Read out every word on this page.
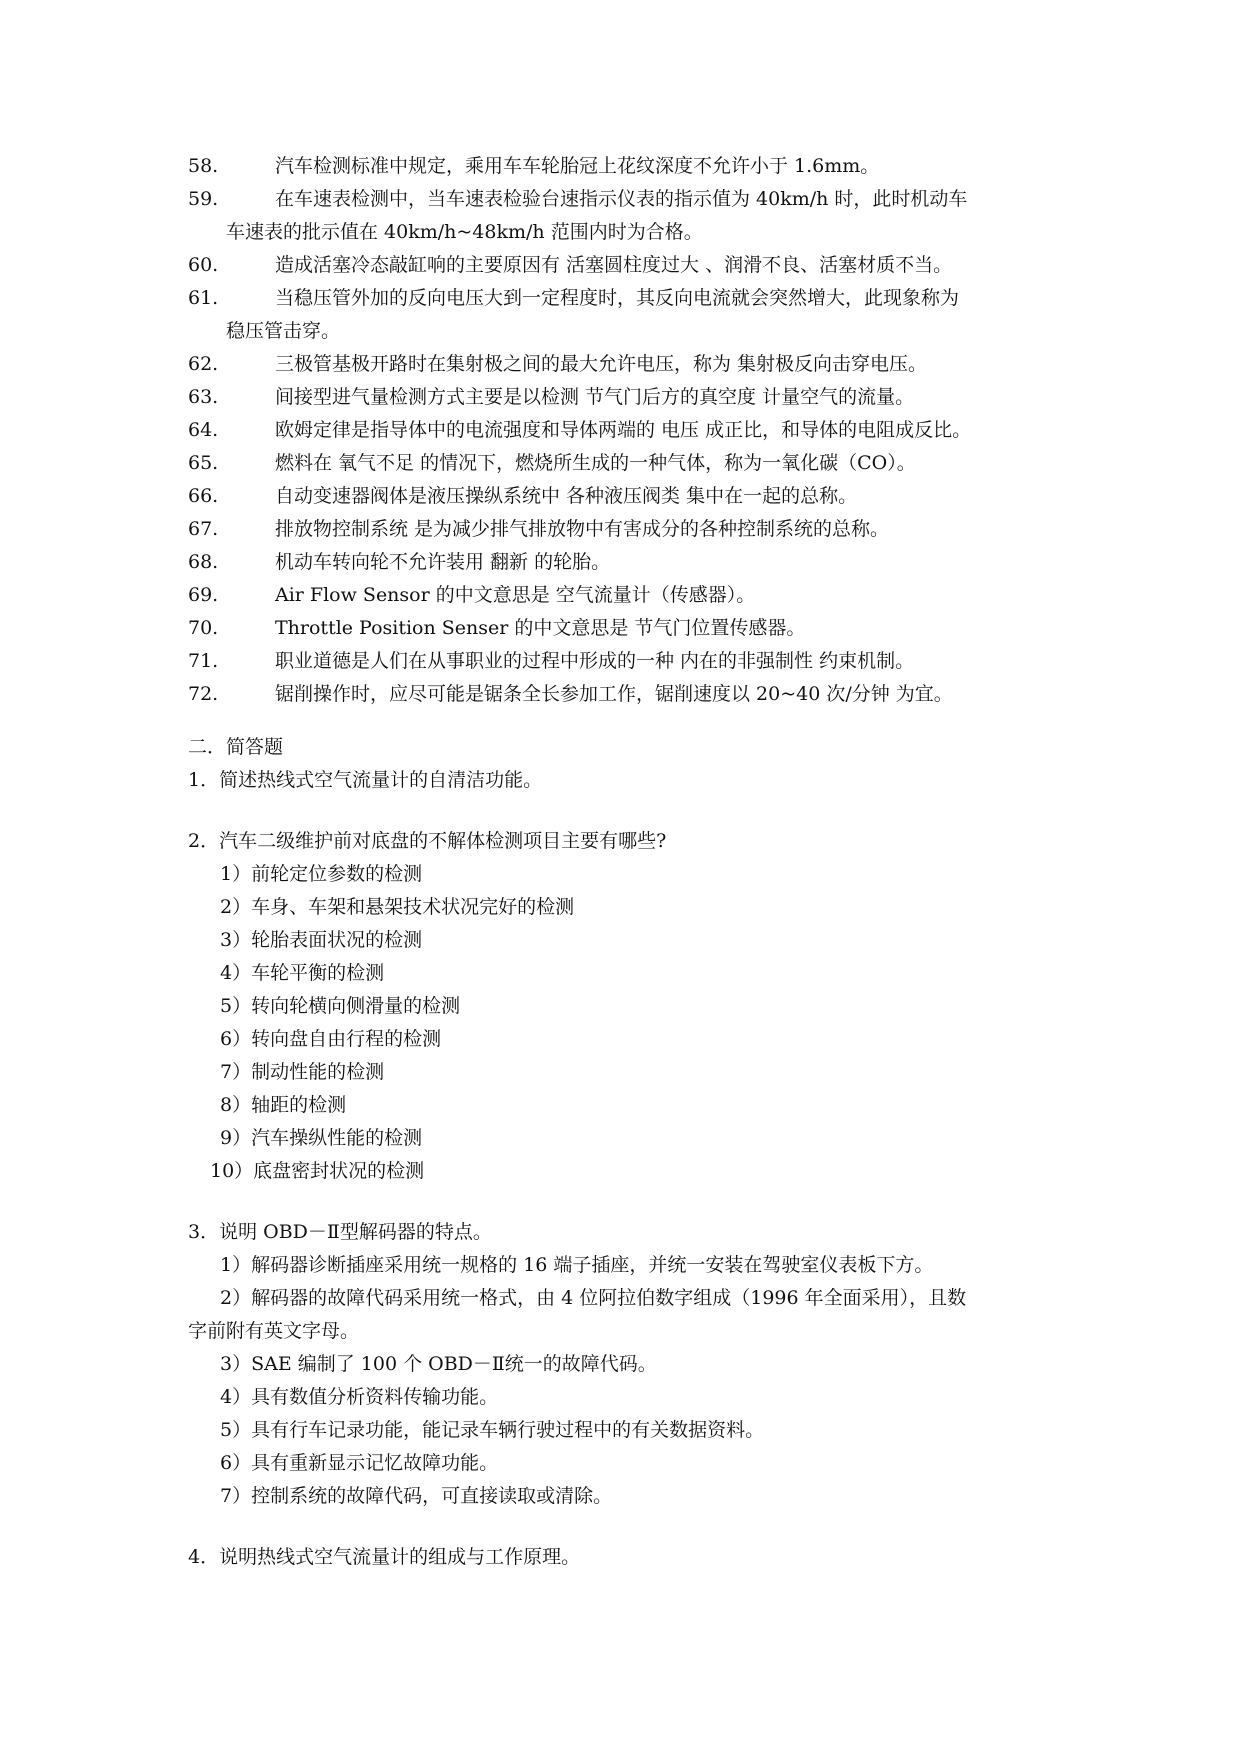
58.	汽车检测标准中规定，乘用车车轮胎冠上花纹深度不允许小于 1.6mm。
59.	在车速表检测中，当车速表检验台速指示仪表的指示值为 40km/h 时，此时机动车
车速表的批示值在 40km/h~48km/h 范围内时为合格。
60.	造成活塞冷态敲缸响的主要原因有 活塞圆柱度过大 、润滑不良、活塞材质不当。
61.	当稳压管外加的反向电压大到一定程度时，其反向电流就会突然增大，此现象称为
稳压管击穿。
62.	三极管基极开路时在集射极之间的最大允许电压，称为 集射极反向击穿电压。
63.	间接型进气量检测方式主要是以检测 节气门后方的真空度 计量空气的流量。
64.	欧姆定律是指导体中的电流强度和导体两端的 电压 成正比，和导体的电阻成反比。
65.	燃料在 氧气不足 的情况下，燃烧所生成的一种气体，称为一氧化碳（CO）。
66.	自动变速器阀体是液压操纵系统中 各种液压阀类 集中在一起的总称。
67.	排放物控制系统 是为减少排气排放物中有害成分的各种控制系统的总称。
68.	机动车转向轮不允许装用 翻新 的轮胎。
69.	Air Flow Sensor 的中文意思是 空气流量计（传感器）。
70.	Throttle Position Senser 的中文意思是 节气门位置传感器。
71.	职业道德是人们在从事职业的过程中形成的一种 内在的非强制性 约束机制。
72.	锯削操作时，应尽可能是锯条全长参加工作，锯削速度以 20~40 次/分钟 为宜。
二．简答题
1．简述热线式空气流量计的自清洁功能。
2．汽车二级维护前对底盘的不解体检测项目主要有哪些?
1）前轮定位参数的检测
2）车身、车架和悬架技术状况完好的检测
3）轮胎表面状况的检测
4）车轮平衡的检测
5）转向轮横向侧滑量的检测
6）转向盘自由行程的检测
7）制动性能的检测
8）轴距的检测
9）汽车操纵性能的检测
10）底盘密封状况的检测
3．说明 OBD－Ⅱ型解码器的特点。
1）解码器诊断插座采用统一规格的 16 端子插座，并统一安装在驾驶室仪表板下方。
2）解码器的故障代码采用统一格式，由 4 位阿拉伯数字组成（1996 年全面采用），且数
字前附有英文字母。
3）SAE 编制了 100 个 OBD－Ⅱ统一的故障代码。
4）具有数值分析资料传输功能。
5）具有行车记录功能，能记录车辆行驶过程中的有关数据资料。
6）具有重新显示记忆故障功能。
7）控制系统的故障代码，可直接读取或清除。
4．说明热线式空气流量计的组成与工作原理。
